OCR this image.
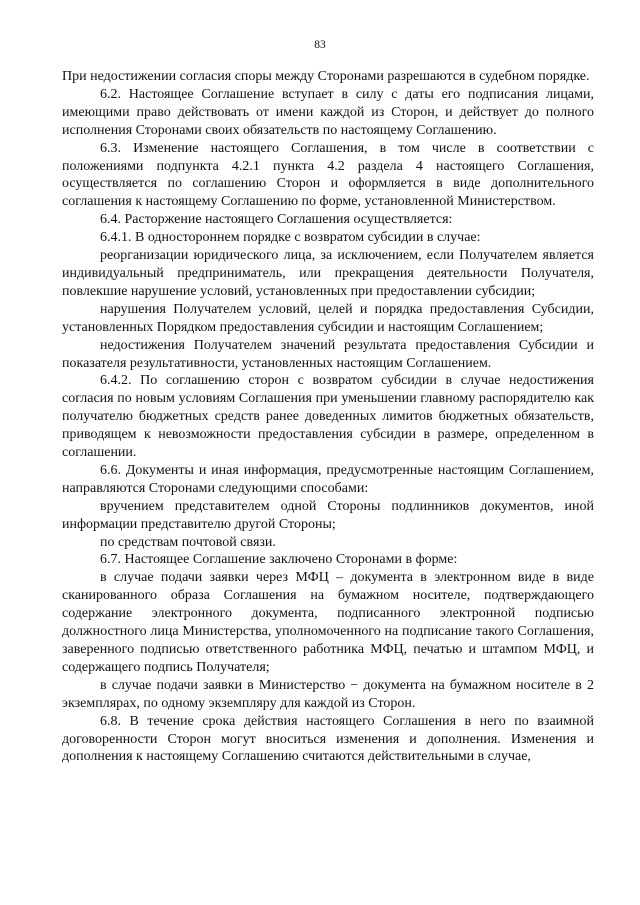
83

При недостижении согласия споры между Сторонами разрешаются в судебном порядке.

6.2. Настоящее Соглашение вступает в силу с даты его подписания лицами, имеющими право действовать от имени каждой из Сторон, и действует до полного исполнения Сторонами своих обязательств по настоящему Соглашению.

6.3. Изменение настоящего Соглашения, в том числе в соответствии с положениями подпункта 4.2.1 пункта 4.2 раздела 4 настоящего Соглашения, осуществляется по соглашению Сторон и оформляется в виде дополнительного соглашения к настоящему Соглашению по форме, установленной Министерством.

6.4. Расторжение настоящего Соглашения осуществляется:

6.4.1. В одностороннем порядке с возвратом субсидии в случае:

реорганизации юридического лица, за исключением, если Получателем является индивидуальный предприниматель, или прекращения деятельности Получателя, повлекшие нарушение условий, установленных при предоставлении субсидии;

нарушения Получателем условий, целей и порядка предоставления Субсидии, установленных Порядком предоставления субсидии и настоящим Соглашением;

недостижения Получателем значений результата предоставления Субсидии и показателя результативности, установленных настоящим Соглашением.

6.4.2. По соглашению сторон с возвратом субсидии в случае недостижения согласия по новым условиям Соглашения при уменьшении главному распорядителю как получателю бюджетных средств ранее доведенных лимитов бюджетных обязательств, приводящем к невозможности предоставления субсидии в размере, определенном в соглашении.

6.6. Документы и иная информация, предусмотренные настоящим Соглашением, направляются Сторонами следующими способами:

вручением представителем одной Стороны подлинников документов, иной информации представителю другой Стороны;

по средствам почтовой связи.

6.7. Настоящее Соглашение заключено Сторонами в форме:

в случае подачи заявки через МФЦ – документа в электронном виде в виде сканированного образа Соглашения на бумажном носителе, подтверждающего содержание электронного документа, подписанного электронной подписью должностного лица Министерства, уполномоченного на подписание такого Соглашения, заверенного подписью ответственного работника МФЦ, печатью и штампом МФЦ, и содержащего подпись Получателя;

в случае подачи заявки в Министерство − документа на бумажном носителе в 2 экземплярах, по одному экземпляру для каждой из Сторон.

6.8. В течение срока действия настоящего Соглашения в него по взаимной договоренности Сторон могут вноситься изменения и дополнения. Изменения и дополнения к настоящему Соглашению считаются действительными в случае,
